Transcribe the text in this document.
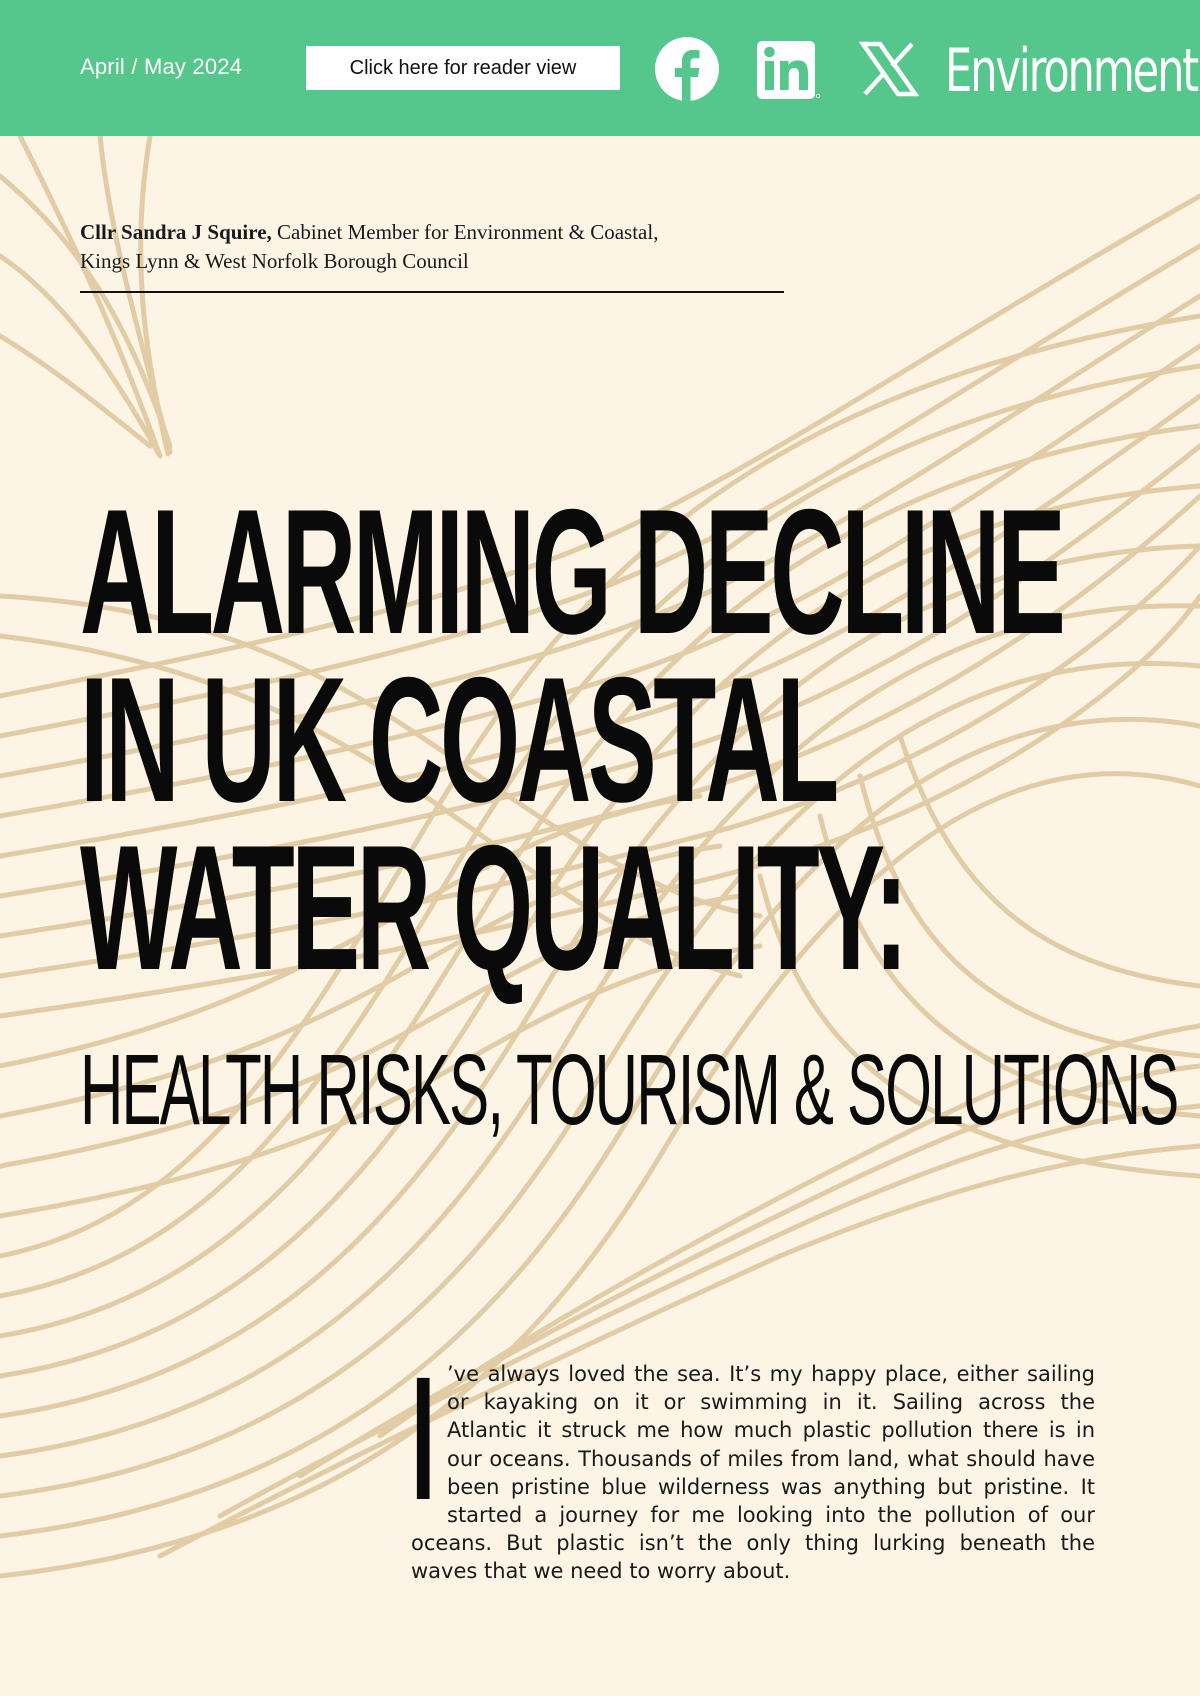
April / May 2024	Click here for reader view	Environment
Cllr Sandra J Squire, Cabinet Member for Environment & Coastal,
Kings Lynn & West Norfolk Borough Council
ALARMING DECLINE
IN UK COASTAL
WATER QUALITY:
HEALTH RISKS, TOURISM & SOLUTIONS
I ’ve always loved the sea. It’s my happy place, either sailing or kayaking on it or swimming in it. Sailing across the Atlantic it struck me how much plastic pollution there is in our oceans. Thousands of miles from land, what should have been pristine blue wilderness was anything but pristine. It started a journey for me looking into the pollution of our oceans. But plastic isn’t the only thing lurking beneath the waves that we need to worry about.
